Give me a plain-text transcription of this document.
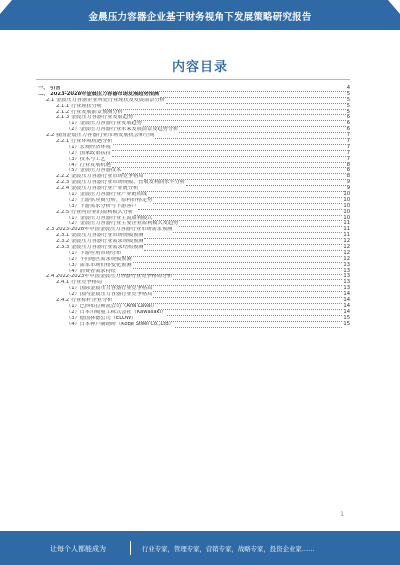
金晨压力容器企业基于财务视角下发展策略研究报告
内容目录
一、 引言	4
二、 2023-2028年金晨压力容器市场发展趋势预测	5
2.1 金晨压力容器企业所处行业现状及发展前景分析	5
2.1.1 行业现状分析	5
2.1.2 行业发展前景预测分析	5
2.1.3 金晨压力容器行业发展趋势	6
（1）金晨压力容器行业发展趋势	6
（2）金晨压力容器行业未来发展前景及趋势分析	6
2.2 我国金晨压力容器行业市场发展机会和空间	7
2.2.1 行业环境机遇分析	7
（1）宏观经济环境	7
（2）国家政策扶持	7
（3）技术与工艺	7
（4）行业发展机遇	8
（5）金晨压力容器技术	8
2.2.2 金晨压力容器行业市场竞争格局	8
2.2.3 金晨压力容器行业市场规模、营收及利润水平分析	9
2.2.4 金晨压力容器行业产业链分析	9
（1）金晨压力容器行业产业链构成	10
（2）上游供应商分析，原料价格走势	10
（3）下游需求分析与下游客户	10
2.2.5 行业内企业的盈利模式分析	10
（1）金晨压力容器行业主流盈利模式	10
（2）金晨压力容器行业主要企业盈利模式及趋势	11
2.3 2023-2028年中国金晨压力容器行业市场需求预测	11
2.3.1 金晨压力容器行业市场规模预测	11
2.3.2 金晨压力容器行业需求规模预测	12
2.3.3 金晨压力容器行业需求结构预测	12
（1）下游应用市场分布	12
（2）不同地区需求规模预测	12
（3）需求市场价格变化预测	13
（4）消费者需求特征	13
2.4 2022-2023年中国金晨压力容器行业竞争格局分析	13
2.4.1 行业竞争格局	13
（1）国际金晨压力容器行业竞争格局	13
（2）国内金晨压力容器行业竞争格局	14
2.4.2 行业标杆企业分析	14
（1）巴西布拉斯凯公司（Alfa Laval）	14
（2）日本川崎重工株式会社（Kawasaki）	14
（3）德国林德公司（ELOW）	15
（4）日本神户制钢所（Kobe Steel Co.,Ltd）	15
1
让每个人都能成为	行业专家，管理专家，营销专家，战略专家，投资企业家……
